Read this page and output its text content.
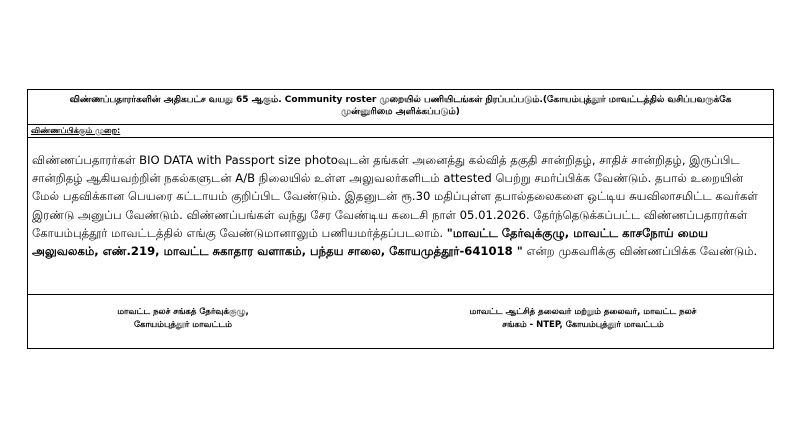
விண்ணப்பதாரர்களின் அதிகபட்ச வயது 65 ஆகும். Community roster முறையில் பணியிடங்கள் நிரப்பப்படும்.(கோயம்புத்தூர் மாவட்டத்தில் வசிப்பவருக்கே முன்னுரிமை அளிக்கப்படும்)
விண்ணப்பிக்கும் முறை:
விண்ணப்பதாரர்கள் BIO DATA with Passport size photoவுடன் தங்கள் அனைத்து கல்வித் தகுதி சான்றிதழ், சாதிச் சான்றிதழ், இருப்பிட சான்றிதழ் ஆகியவற்றின் நகல்களுடன் A/B நிலையில் உள்ள அலுவலர்களிடம் attested பெற்று சமர்ப்பிக்க வேண்டும். தபால் உறையின் மேல் பதவிக்கான பெயரை கட்டாயம் குறிப்பிட வேண்டும். இதனுடன் ரூ.30 மதிப்புள்ள தபால்தலைகளை ஒட்டிய சுயவிலாசமிட்ட கவர்கள் இரண்டு அனுப்ப வேண்டும். விண்ணப்பங்கள் வந்து சேர வேண்டிய கடைசி நாள் 05.01.2026. தேர்ந்தெடுக்கப்பட்ட விண்ணப்பதாரர்கள் கோயம்புத்தூர் மாவட்டத்தில் எங்கு வேண்டுமானாலும் பணியமர்த்தப்படலாம். "மாவட்ட தேர்வுக்குழு, மாவட்ட காசநோய் மைய அலுவலகம், எண்.219, மாவட்ட சுகாதார வளாகம், பந்தய சாலை, கோயமுத்தூர்-641018 " என்ற முகவரிக்கு விண்ணப்பிக்க வேண்டும்.
மாவட்ட நலச் சங்கத் தேர்வுக்குழு,
கோயம்புத்தூர் மாவட்டம்
மாவட்ட ஆட்சித் தலைவர் மற்றும் தலைவர், மாவட்ட நலச்
சங்கம் - NTEP, கோயம்புத்தூர் மாவட்டம்
